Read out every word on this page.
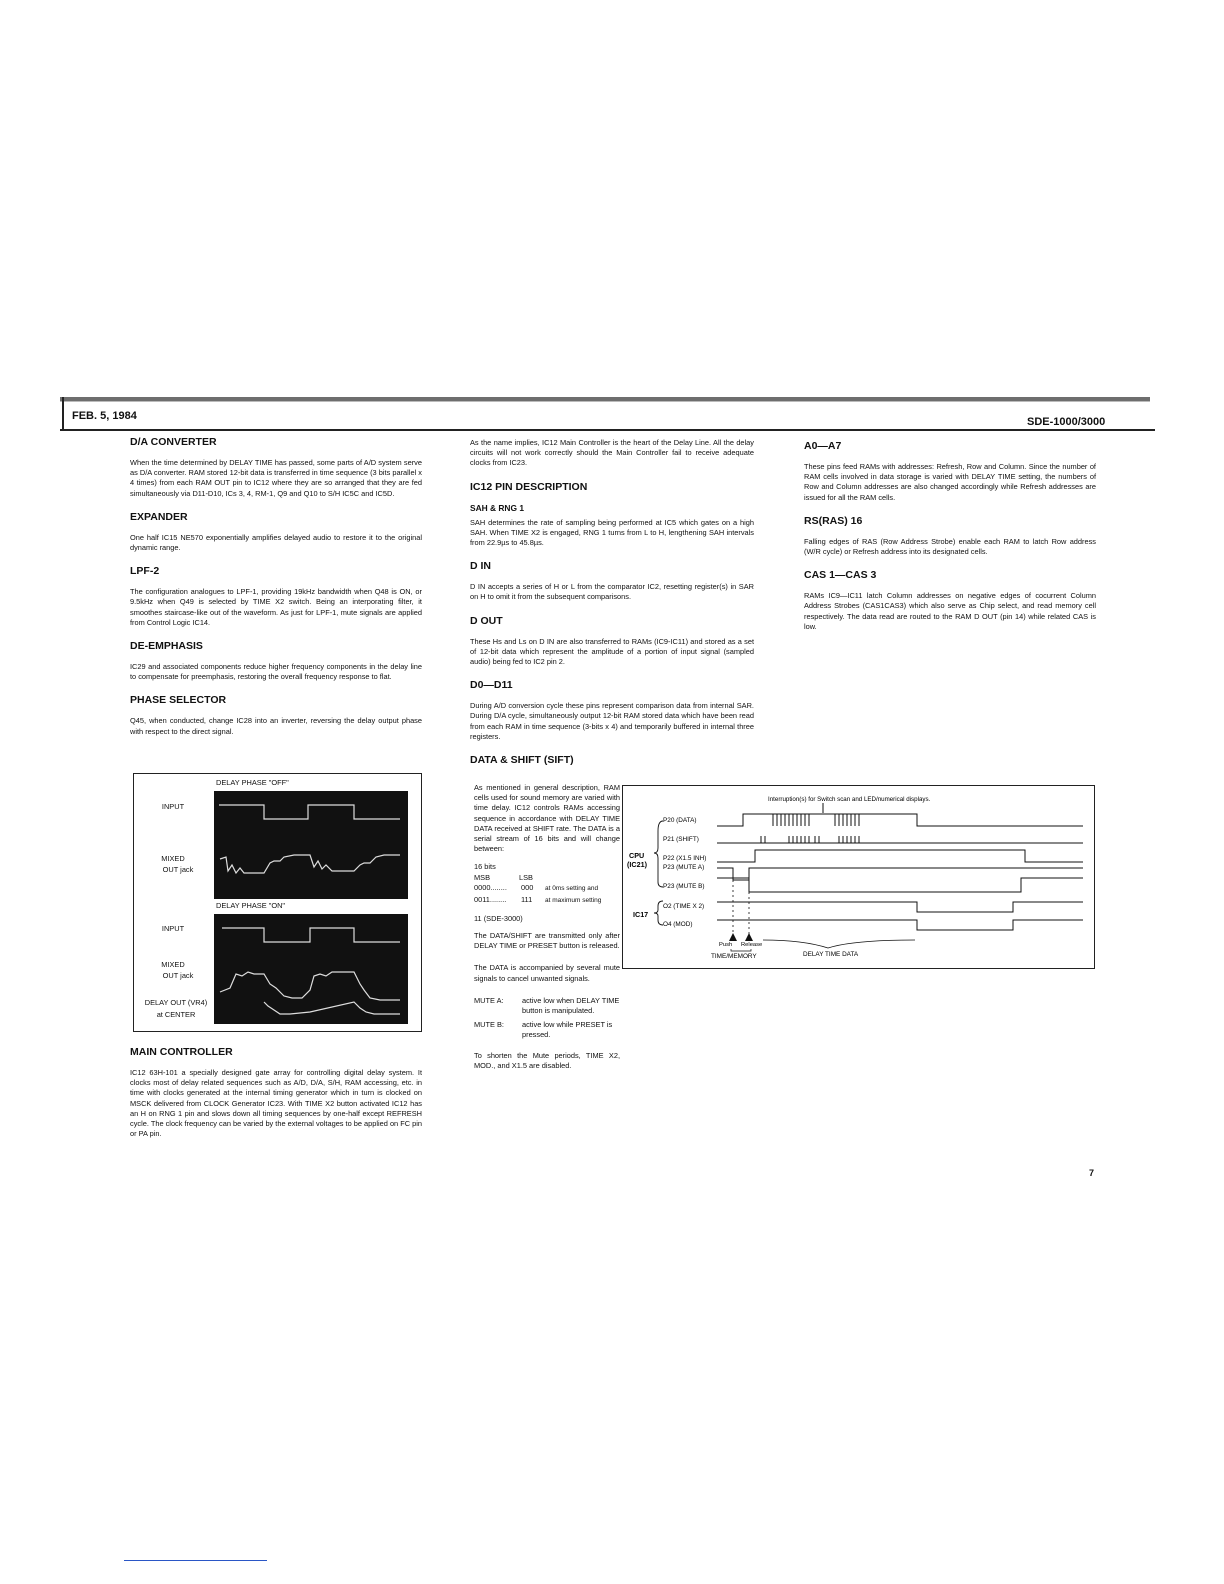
FEB. 5, 1984	SDE-1000/3000
D/A CONVERTER

When the time determined by DELAY TIME has passed, some parts of A/D system serve as D/A converter. RAM stored 12-bit data is transferred in time sequence (3 bits parallel x 4 times) from each RAM OUT pin to IC12 where they are so arranged that they are fed simultaneously via D11-D10, ICs 3, 4, RM-1, Q9 and Q10 to S/H IC5C and IC5D.

EXPANDER

One half IC15 NE570 exponentially amplifies delayed audio to restore it to the original dynamic range.

LPF-2

The configuration analogues to LPF-1, providing 19kHz bandwidth when Q48 is ON, or 9.5kHz when Q49 is selected by TIME X2 switch. Being an interporating filter, it smoothes staircase-like out of the waveform. As just for LPF-1, mute signals are applied from Control Logic IC14.

DE-EMPHASIS

IC29 and associated components reduce higher frequency components in the delay line to compensate for preemphasis, restoring the overall frequency response to flat.

PHASE SELECTOR

Q45, when conducted, change IC28 into an inverter, reversing the delay output phase with respect to the direct signal.

DELAY PHASE "OFF"
INPUT
MIXED
OUT jack
DELAY PHASE "ON"
INPUT
MIXED
OUT jack
DELAY OUT (VR4)
at CENTER
MAIN CONTROLLER

IC12 63H-101 a specially designed gate array for controlling digital delay system. It clocks most of delay related sequences such as A/D, D/A, S/H, RAM accessing, etc. in time with clocks generated at the internal timing generator which in turn is clocked on MSCK delivered from CLOCK Generator IC23. With TIME X2 button activated IC12 has an H on RNG 1 pin and slows down all timing sequences by one-half except REFRESH cycle. The clock frequency can be varied by the external voltages to be applied on FC pin or PA pin.

As the name implies, IC12 Main Controller is the heart of the Delay Line. All the delay circuits will not work correctly should the Main Controller fail to receive adequate clocks from IC23.

IC12 PIN DESCRIPTION
SAH & RNG 1

SAH determines the rate of sampling being performed at IC5 which gates on a high SAH. When TIME X2 is engaged, RNG 1 turns from L to H, lengthening SAH intervals from 22.9µs to 45.8µs.

D IN

D IN accepts a series of H or L from the comparator IC2, resetting register(s) in SAR on H to omit it from the subsequent comparisons.

D OUT

These Hs and Ls on D IN are also transferred to RAMs (IC9-IC11) and stored as a set of 12-bit data which represent the amplitude of a portion of input signal (sampled audio) being fed to IC2 pin 2.

D0—D11

During A/D conversion cycle these pins represent comparison data from internal SAR. During D/A cycle, simultaneously output 12-bit RAM stored data which have been read from each RAM in time sequence (3-bits x 4) and temporarily buffered in internal three registers.

DATA & SHIFT (SIFT)

As mentioned in general description, RAM cells used for sound memory are varied with time delay. IC12 controls RAMs accessing sequence in accordance with DELAY TIME DATA received at SHIFT rate. The DATA is a serial stream of 16 bits and will change between:

16 bits
MSB	LSB
0000........ 000 at 0ms setting and
0011........ 111 at maximum setting
11 (SDE-3000)

The DATA/SHIFT are transmitted only after DELAY TIME or PRESET button is released.

The DATA is accompanied by several mute signals to cancel unwanted signals.

MUTE A:	active low when DELAY TIME button is manipulated.
MUTE B:	active low while PRESET is pressed.

To shorten the Mute periods, TIME X2, MOD., and X1.5 are disabled.

Interruption(s) for Switch scan and LED/numerical displays.
CPU
(IC21)
P20 (DATA)
P21 (SHIFT)
P22 (X1.5 INH)
P23 (MUTE A)
P23 (MUTE B)
IC17
O2 (TIME X 2)
O4 (MOD)
Push Release
TIME/MEMORY	DELAY TIME DATA
A0—A7

These pins feed RAMs with addresses: Refresh, Row and Column. Since the number of RAM cells involved in data storage is varied with DELAY TIME setting, the numbers of Row and Column addresses are also changed accordingly while Refresh addresses are issued for all the RAM cells.

RS(RAS) 16

Falling edges of RAS (Row Address Strobe) enable each RAM to latch Row address (W/R cycle) or Refresh address into its designated cells.

CAS 1—CAS 3

RAMs IC9—IC11 latch Column addresses on negative edges of cocurrent Column Address Strobes (CAS1CAS3) which also serve as Chip select, and read memory cell respectively. The data read are routed to the RAM D OUT (pin 14) while related CAS is low.

7
